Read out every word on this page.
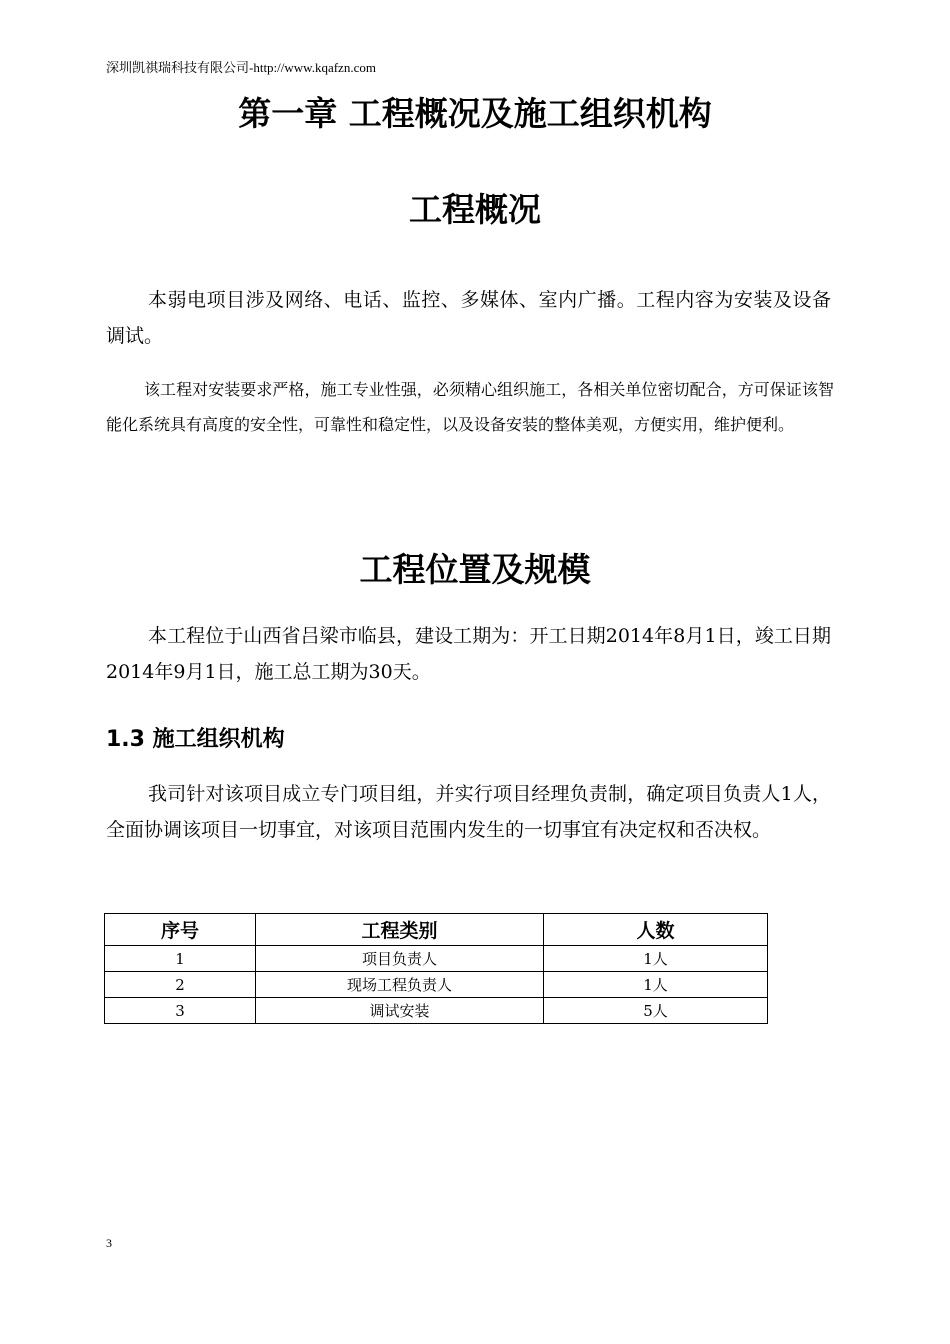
深圳凯祺瑞科技有限公司-http://www.kqafzn.com
第一章 工程概况及施工组织机构
工程概况

本弱电项目涉及网络、电话、监控、多媒体、室内广播。工程内容为安装及设备调试。

该工程对安装要求严格，施工专业性强，必须精心组织施工，各相关单位密切配合，方可保证该智能化系统具有高度的安全性，可靠性和稳定性，以及设备安装的整体美观，方便实用，维护便利。

工程位置及规模

本工程位于山西省吕梁市临县，建设工期为：开工日期2014年8月1日，竣工日期2014年9月1日，施工总工期为30天。

1.3 施工组织机构

我司针对该项目成立专门项目组，并实行项目经理负责制，确定项目负责人1人，全面协调该项目一切事宜，对该项目范围内发生的一切事宜有决定权和否决权。

序号	工程类别	人数
1	项目负责人	1人
2	现场工程负责人	1人
3	调试安装	5人
3
